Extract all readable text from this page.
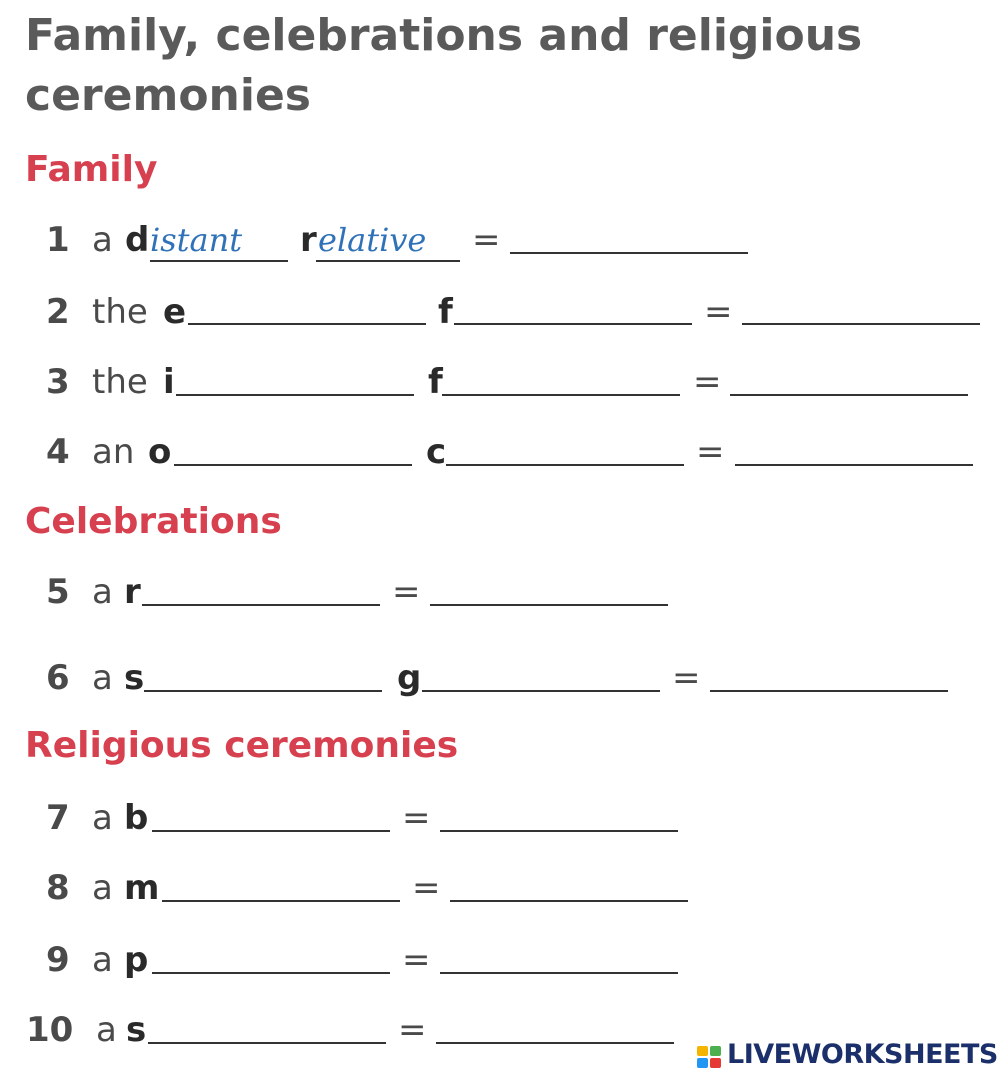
Family, celebrations and religious ceremonies
Family
1 a d istant r elative =
2 the e	f	=
3 the i	f	=
4 an o	c	=
Celebrations
5 a r	=
6 a s	g	=
Religious ceremonies
7 a b	=
8 a m	=
9 a p	=
10 a s	=
LIVEWORKSHEETS
